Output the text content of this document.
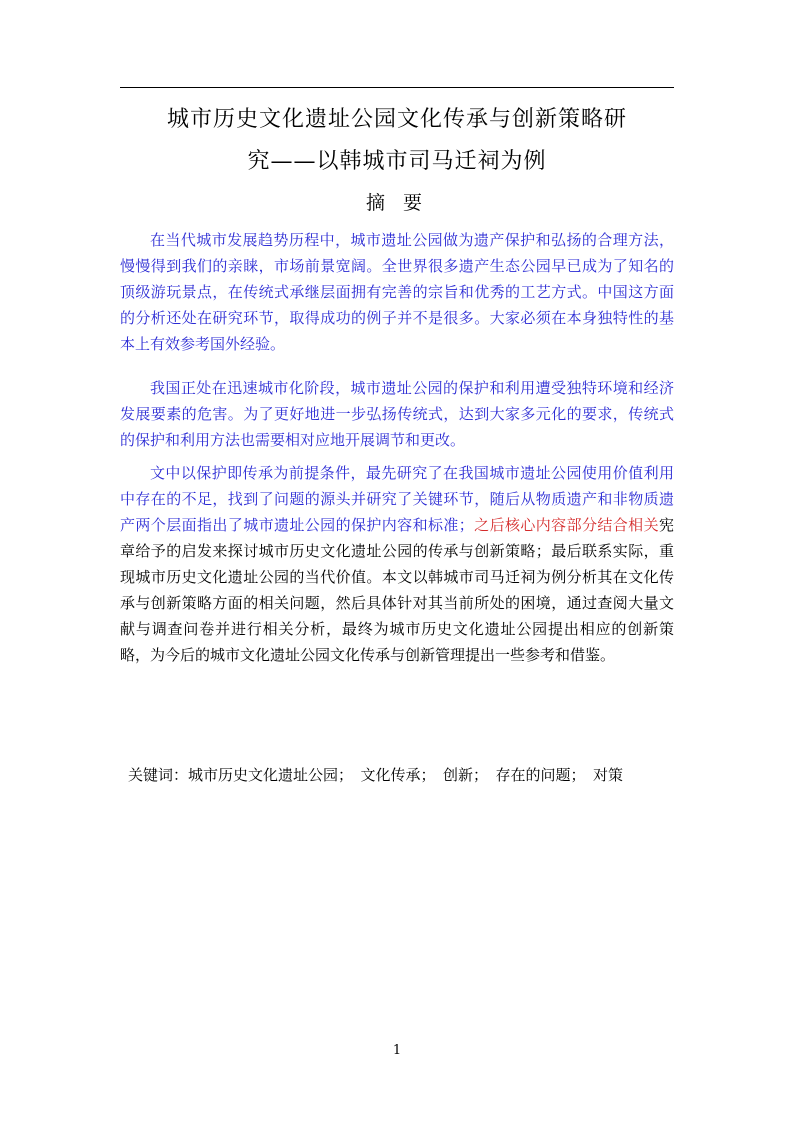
城市历史文化遗址公园文化传承与创新策略研
究——以韩城市司马迁祠为例
摘 要

在当代城市发展趋势历程中，城市遗址公园做为遗产保护和弘扬的合理方法，慢慢得到我们的亲睐，市场前景宽阔。全世界很多遗产生态公园早已成为了知名的顶级游玩景点，在传统式承继层面拥有完善的宗旨和优秀的工艺方式。中国这方面的分析还处在研究环节，取得成功的例子并不是很多。大家必须在本身独特性的基本上有效参考国外经验。

我国正处在迅速城市化阶段，城市遗址公园的保护和利用遭受独特环境和经济发展要素的危害。为了更好地进一步弘扬传统式，达到大家多元化的要求，传统式的保护和利用方法也需要相对应地开展调节和更改。

文中以保护即传承为前提条件，最先研究了在我国城市遗址公园使用价值利用中存在的不足，找到了问题的源头并研究了关键环节，随后从物质遗产和非物质遗产两个层面指出了城市遗址公园的保护内容和标准；之后核心内容部分结合相关宪章给予的启发来探讨城市历史文化遗址公园的传承与创新策略；最后联系实际，重现城市历史文化遗址公园的当代价值。本文以韩城市司马迁祠为例分析其在文化传承与创新策略方面的相关问题，然后具体针对其当前所处的困境，通过查阅大量文献与调查问卷并进行相关分析，最终为城市历史文化遗址公园提出相应的创新策略，为今后的城市文化遗址公园文化传承与创新管理提出一些参考和借鉴。

关键词：城市历史文化遗址公园；　文化传承；　创新；　存在的问题；　对策

1
